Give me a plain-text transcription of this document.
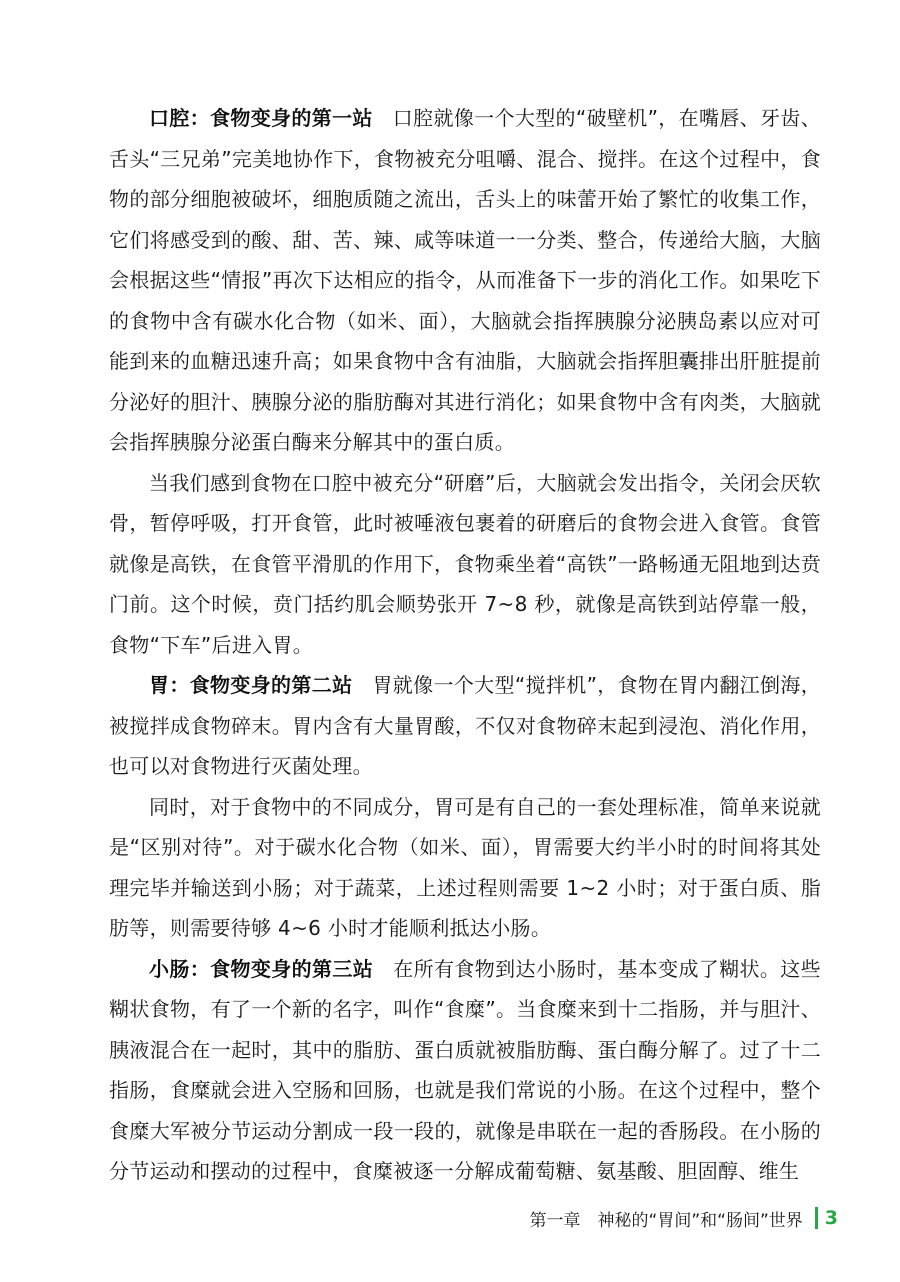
口腔：食物变身的第一站 口腔就像一个大型的“破壁机”，在嘴唇、牙齿、舌头“三兄弟”完美地协作下，食物被充分咀嚼、混合、搅拌。在这个过程中，食物的部分细胞被破坏，细胞质随之流出，舌头上的味蕾开始了繁忙的收集工作，它们将感受到的酸、甜、苦、辣、咸等味道一一分类、整合，传递给大脑，大脑会根据这些“情报”再次下达相应的指令，从而准备下一步的消化工作。如果吃下的食物中含有碳水化合物（如米、面），大脑就会指挥胰腺分泌胰岛素以应对可能到来的血糖迅速升高；如果食物中含有油脂，大脑就会指挥胆囊排出肝脏提前分泌好的胆汁、胰腺分泌的脂肪酶对其进行消化；如果食物中含有肉类，大脑就会指挥胰腺分泌蛋白酶来分解其中的蛋白质。

当我们感到食物在口腔中被充分“研磨”后，大脑就会发出指令，关闭会厌软骨，暂停呼吸，打开食管，此时被唾液包裹着的研磨后的食物会进入食管。食管就像是高铁，在食管平滑肌的作用下，食物乘坐着“高铁”一路畅通无阻地到达贲门前。这个时候，贲门括约肌会顺势张开 7~8 秒，就像是高铁到站停靠一般，食物“下车”后进入胃。

胃：食物变身的第二站 胃就像一个大型“搅拌机”，食物在胃内翻江倒海，被搅拌成食物碎末。胃内含有大量胃酸，不仅对食物碎末起到浸泡、消化作用，也可以对食物进行灭菌处理。

同时，对于食物中的不同成分，胃可是有自己的一套处理标准，简单来说就是“区别对待”。对于碳水化合物（如米、面），胃需要大约半小时的时间将其处理完毕并输送到小肠；对于蔬菜，上述过程则需要 1~2 小时；对于蛋白质、脂肪等，则需要待够 4~6 小时才能顺利抵达小肠。

小肠：食物变身的第三站 在所有食物到达小肠时，基本变成了糊状。这些糊状食物，有了一个新的名字，叫作“食糜”。当食糜来到十二指肠，并与胆汁、胰液混合在一起时，其中的脂肪、蛋白质就被脂肪酶、蛋白酶分解了。过了十二指肠，食糜就会进入空肠和回肠，也就是我们常说的小肠。在这个过程中，整个食糜大军被分节运动分割成一段一段的，就像是串联在一起的香肠段。在小肠的分节运动和摆动的过程中，食糜被逐一分解成葡萄糖、氨基酸、胆固醇、维生

第一章　神秘的“胃间”和“肠间”世界 3
